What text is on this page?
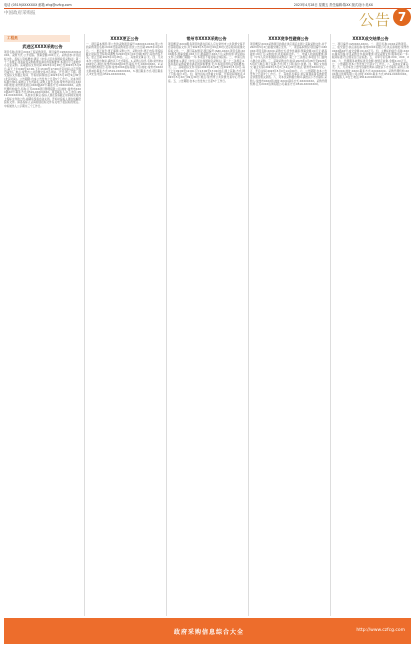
电话 (0519)XXXXXXX 邮箱 zfcg@czfcg.com	2023年4月28日 星期五 责任编辑:陈XX 版式设计:吴XX
中国政府采购报	公告 7
工程类
武进区XXXX采购公告

项目名称:武进区XXXX工程采购项目。项目编号:CZXXXX-XXXX-XXXX。采购方式:公开招标。预算金额:XXX万元。采购需求:详见招标文件。投标人资格要求:满足《中华人民共和国政府采购法》第二十二条规定;落实政府采购政策需满足的资格要求:本项目专门面向中小企业采购。获取招标文件时间:2023年4月28日至2023年5月8日,每天上午9:00至12:00,下午13:00至17:00(北京时间,法定节假日除外)。地点:常州市公共资源交易中心网站。方式:网上下载。提交投标文件截止时间、开标时间和地点:2023年5月19日9点30分(北京时间)。公告期限:自本公告发布之日起5个工作日。对本次招标提出询问,请按以下方式联系:采购人信息,名称:常州市武进区XXXX局;地址:常州市武进区XXXX路XX号;联系方式:XXXXXXXX。采购代理机构信息,名称:江苏XXXX项目管理有限公司;地址:常州市XXXX路XX号;联系方式:0519-XXXXXXXX。项目联系人:X工;电话:0519-XXXXXXXX。其他补充事宜:投标人须在投标截止时间前完成网上投标文件的上传,逾期系统将自动关闭。开标时投标人须在线解密投标文件。请各投标人认真阅读招标文件有关电子招投标的规定。中标候选人公示期为三个工作日。

XXXX更正公告

一、项目基本情况:原公告的采购项目编号:CZXXXX-XXXX;原公告的采购项目名称:XXXX设备采购项目;首次公告日期:2023年4月XX日。二、更正信息:更正事项:采购公告、采购文件;更正内容:原投标截止时间及开标时间调整为2023年5月XX日9时30分;其他内容不变。更正日期:2023年4月28日。三、其他补充事宜:无。四、凡对本次公告提出询问,请按以下方式联系。1.采购人信息,名称:常州市XXXX中心;地址:常州市XXXX路XX号;联系方式:XXXXXXXX。2.采购代理机构信息,名称:常州XXXX招标有限公司;地址:常州市XXXX大厦X楼;联系方式:0519-XXXXXXXX。3.项目联系方式,项目联系人:X先生;电话:0519-XXXXXXXX。

常州市XXXX采购公告

项目概况:XXXX服务项目的潜在投标人应在常州市公共资源交易平台获取招标文件,并于2023年5月XX日09点30分(北京时间)前递交投标文件。一、项目基本情况:项目编号:JSZC-XXXX;项目名称:XXXX服务;预算金额:XXX万元;最高限价:XXX万元;采购需求:详见招标文件;合同履行期限:一年;本项目不接受联合体投标。二、申请人的资格要求:1.满足《中华人民共和国政府采购法》第二十二条规定;2.落实政府采购政策需满足的资格要求:无;3.本项目的特定资格要求:无。三、获取招标文件:时间:2023年4月28日至2023年5月X日,每天上午09:00至12:00,下午13:00至17:00;地点:网上获取;方式:网上下载;售价:0元。四、提交投标文件截止时间、开标时间和地点:2023年5月XX日09点30分;地点:常州市公共资源交易中心开标X室。五、公告期限:自本公告发布之日起5个工作日。

XXXX竞争性磋商公告

项目概况:XXXX采购项目的潜在供应商应在网上获取采购文件,并于2023年5月X日前提交响应文件。一、项目基本情况:项目编号:CZXXXX;项目名称:XXXX;采购方式:竞争性磋商;预算金额:XX万元;最高限价:XX万元;采购需求:详见磋商文件。二、申请人的资格要求:满足《中华人民共和国政府采购法》第二十二条规定;本项目专门面向小微企业采购。三、获取采购文件:时间:2023年4月28日至2023年5月X日;地点:网上获取;方式:网上下载;售价:免费。四、响应文件提交:截止时间:2023年5月X日14点00分;地点:常州市XXXX中心。五、开启:时间:2023年5月X日14点00分。六、公告期限:自本公告发布之日起3个工作日。七、其他补充事宜:供应商须具备有效的营业执照及相关资质。八、对本次采购提出询问,请按以下方式联系:采购人:常州市XXXX局;地址:XXXX;联系方式:XXXXXXXX。采购代理机构:江苏XXXX咨询有限公司;联系方式:0519-XXXXXXXX。

XXXX成交结果公告

一、项目编号:CZXXXX-XXXX。二、项目名称:XXXX采购项目。三、成交信息:供应商名称:常州XXXX有限公司;供应商地址:常州市XXXX路XX号;成交金额:XX.XX万元。四、主要标的信息:名称:XXXX;服务范围:详见采购文件;服务要求:详见采购文件;服务时间:一年;服务标准:符合国家及行业标准。五、评审专家名单:XXX、XXX、XXX。六、代理服务收费标准及金额:按规定收取,金额X.XX万元。七、公告期限:自本公告发布之日起1个工作日。八、其他补充事宜:无。九、凡对本次公告内容提出询问,请按以下方式联系:采购人:常州市XXXX;地址:XXXX;联系方式:XXXXXXXX。采购代理机构:XXXX项目管理有限公司;地址:XXXX;联系方式:0519-XXXXXXXX。项目联系人:X女士;电话:0519-XXXXXXXX。

政府采购信息综合大全	http://www.czfcg.com
